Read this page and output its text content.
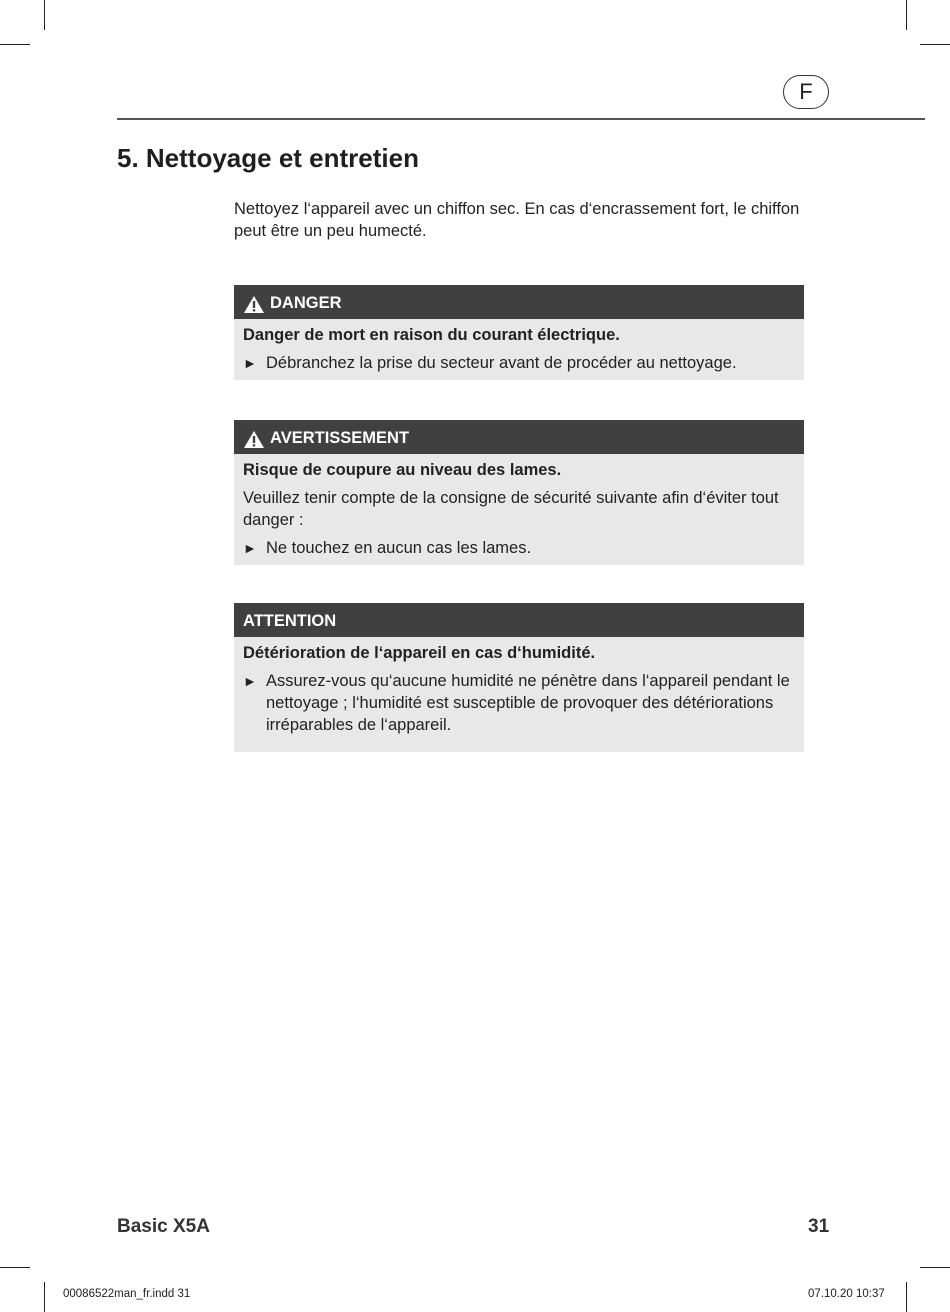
F
5. Nettoyage et entretien

Nettoyez l‘appareil avec un chiffon sec. En cas d‘encrassement fort, le chiffon peut être un peu humecté.

DANGER
Danger de mort en raison du courant électrique.
► Débranchez la prise du secteur avant de procéder au nettoyage.
AVERTISSEMENT
Risque de coupure au niveau des lames.
Veuillez tenir compte de la consigne de sécurité suivante afin d‘éviter tout danger :
► Ne touchez en aucun cas les lames.
ATTENTION
Détérioration de l‘appareil en cas d‘humidité.
► Assurez-vous qu‘aucune humidité ne pénètre dans l‘appareil pendant le nettoyage ; l‘humidité est susceptible de provoquer des détériorations irréparables de l‘appareil.

Basic X5A	31

00086522man_fr.indd 31	07.10.20 10:37
